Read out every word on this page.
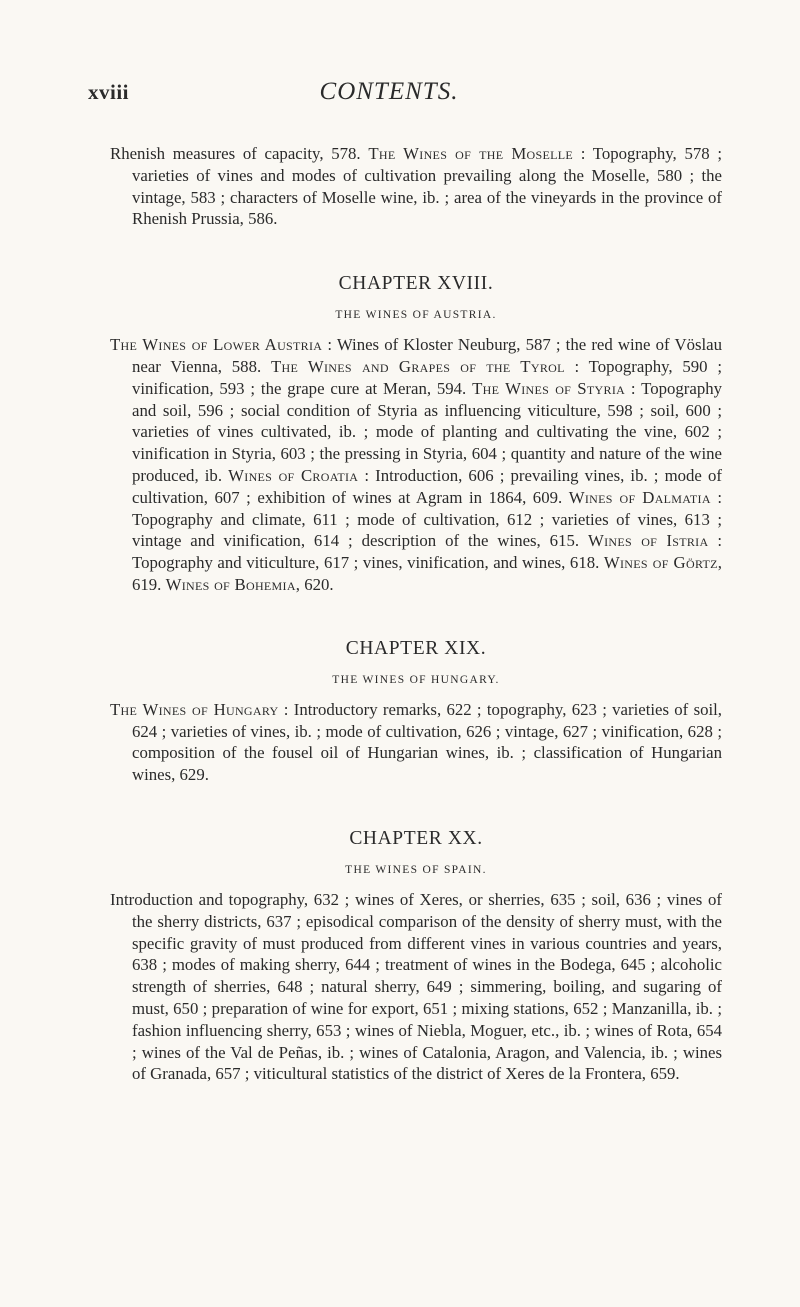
xviii	CONTENTS.

Rhenish measures of capacity, 578. The Wines of the Moselle : Topography, 578 ; varieties of vines and modes of cultivation prevailing along the Moselle, 580 ; the vintage, 583 ; characters of Moselle wine, ib. ; area of the vineyards in the province of Rhenish Prussia, 586.

CHAPTER XVIII.
THE WINES OF AUSTRIA.

The Wines of Lower Austria : Wines of Kloster Neuburg, 587 ; the red wine of Vöslau near Vienna, 588. The Wines and Grapes of the Tyrol : Topography, 590 ; vinification, 593 ; the grape cure at Meran, 594. The Wines of Styria : Topography and soil, 596 ; social condition of Styria as influencing viticulture, 598 ; soil, 600 ; varieties of vines cultivated, ib. ; mode of planting and cultivating the vine, 602 ; vinification in Styria, 603 ; the pressing in Styria, 604 ; quantity and nature of the wine produced, ib. Wines of Croatia : Introduction, 606 ; prevailing vines, ib. ; mode of cultivation, 607 ; exhibition of wines at Agram in 1864, 609. Wines of Dalmatia : Topography and climate, 611 ; mode of cultivation, 612 ; varieties of vines, 613 ; vintage and vinification, 614 ; description of the wines, 615. Wines of Istria : Topography and viticulture, 617 ; vines, vinification, and wines, 618. Wines of Görtz, 619. Wines of Bohemia, 620.

CHAPTER XIX.
THE WINES OF HUNGARY.

The Wines of Hungary : Introductory remarks, 622 ; topography, 623 ; varieties of soil, 624 ; varieties of vines, ib. ; mode of cultivation, 626 ; vintage, 627 ; vinification, 628 ; composition of the fousel oil of Hungarian wines, ib. ; classification of Hungarian wines, 629.

CHAPTER XX.
THE WINES OF SPAIN.

Introduction and topography, 632 ; wines of Xeres, or sherries, 635 ; soil, 636 ; vines of the sherry districts, 637 ; episodical comparison of the density of sherry must, with the specific gravity of must produced from different vines in various countries and years, 638 ; modes of making sherry, 644 ; treatment of wines in the Bodega, 645 ; alcoholic strength of sherries, 648 ; natural sherry, 649 ; simmering, boiling, and sugaring of must, 650 ; preparation of wine for export, 651 ; mixing stations, 652 ; Manzanilla, ib. ; fashion influencing sherry, 653 ; wines of Niebla, Moguer, etc., ib. ; wines of Rota, 654 ; wines of the Val de Peñas, ib. ; wines of Catalonia, Aragon, and Valencia, ib. ; wines of Granada, 657 ; viticultural statistics of the district of Xeres de la Frontera, 659.
